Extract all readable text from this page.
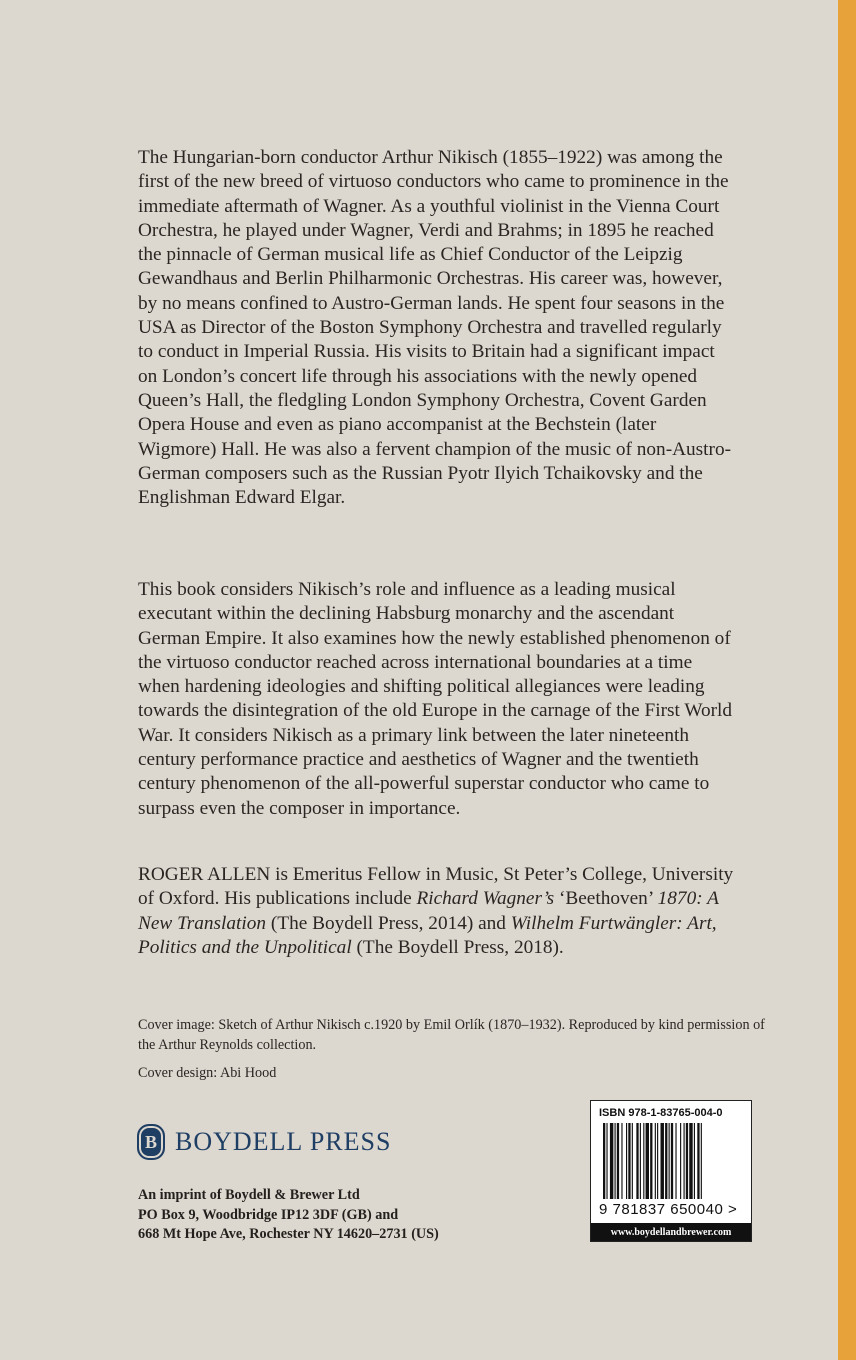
The Hungarian-born conductor Arthur Nikisch (1855–1922) was among the first of the new breed of virtuoso conductors who came to prominence in the immediate aftermath of Wagner. As a youthful violinist in the Vienna Court Orchestra, he played under Wagner, Verdi and Brahms; in 1895 he reached the pinnacle of German musical life as Chief Conductor of the Leipzig Gewandhaus and Berlin Philharmonic Orchestras. His career was, however, by no means confined to Austro-German lands. He spent four seasons in the USA as Director of the Boston Symphony Orchestra and travelled regularly to conduct in Imperial Russia. His visits to Britain had a significant impact on London’s concert life through his associations with the newly opened Queen’s Hall, the fledgling London Symphony Orchestra, Covent Garden Opera House and even as piano accompanist at the Bechstein (later Wigmore) Hall. He was also a fervent champion of the music of non-Austro-German composers such as the Russian Pyotr Ilyich Tchaikovsky and the Englishman Edward Elgar.

This book considers Nikisch’s role and influence as a leading musical executant within the declining Habsburg monarchy and the ascendant German Empire. It also examines how the newly established phenomenon of the virtuoso conductor reached across international boundaries at a time when hardening ideologies and shifting political allegiances were leading towards the disintegration of the old Europe in the carnage of the First World War. It considers Nikisch as a primary link between the later nineteenth century performance practice and aesthetics of Wagner and the twentieth century phenomenon of the all-powerful superstar conductor who came to surpass even the composer in importance.

ROGER ALLEN is Emeritus Fellow in Music, St Peter’s College, University of Oxford. His publications include Richard Wagner’s ‘Beethoven’ 1870: A New Translation (The Boydell Press, 2014) and Wilhelm Furtwängler: Art, Politics and the Unpolitical (The Boydell Press, 2018).

Cover image: Sketch of Arthur Nikisch c.1920 by Emil Orlík (1870–1932). Reproduced by kind permission of the Arthur Reynolds collection.

Cover design: Abi Hood

B BOYDELL PRESS
An imprint of Boydell & Brewer Ltd
PO Box 9, Woodbridge IP12 3DF (GB) and
668 Mt Hope Ave, Rochester NY 14620–2731 (US)
ISBN 978-1-83765-004-0
9 781837 650040 >
www.boydellandbrewer.com
